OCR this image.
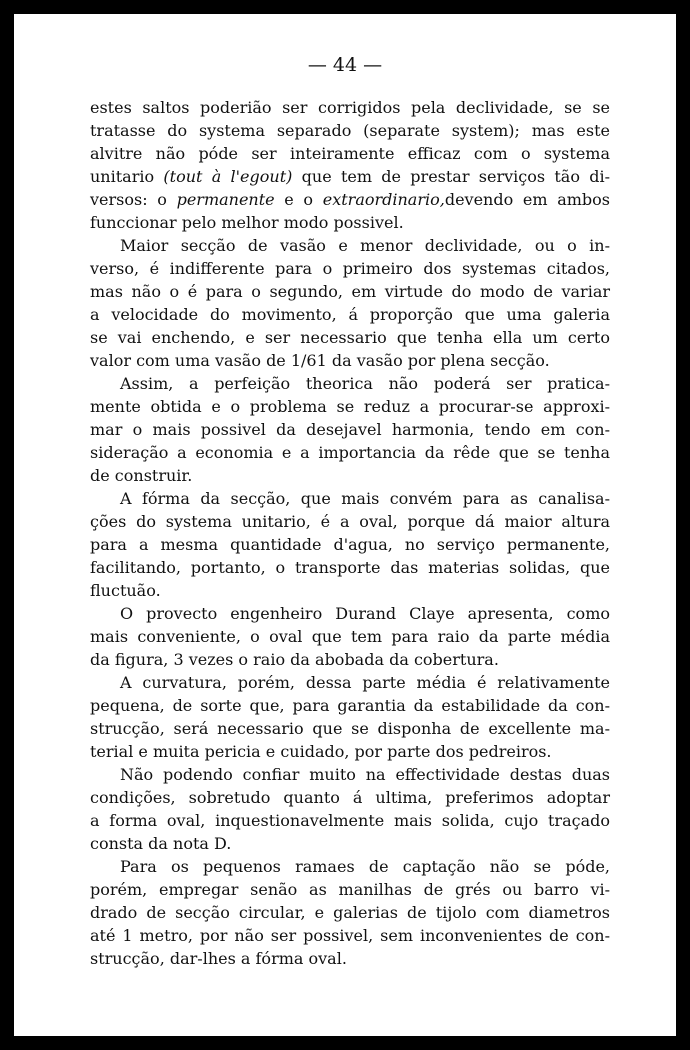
— 44 —
estes saltos poderião ser corrigidos pela declividade, se se
tratasse do systema separado (separate system); mas este
alvitre não póde ser inteiramente efficaz com o systema
unitario (tout à l'egout) que tem de prestar serviços tão di-
versos: o permanente e o extraordinario,devendo em ambos
funccionar pelo melhor modo possivel.
Maior secção de vasão e menor declividade, ou o in-
verso, é indifferente para o primeiro dos systemas citados,
mas não o é para o segundo, em virtude do modo de variar
a velocidade do movimento, á proporção que uma galeria
se vai enchendo, e ser necessario que tenha ella um certo
valor com uma vasão de 1/61 da vasão por plena secção.
Assim, a perfeição theorica não poderá ser pratica-
mente obtida e o problema se reduz a procurar-se approxi-
mar o mais possivel da desejavel harmonia, tendo em con-
sideração a economia e a importancia da rêde que se tenha
de construir.
A fórma da secção, que mais convém para as canalisa-
ções do systema unitario, é a oval, porque dá maior altura
para a mesma quantidade d'agua, no serviço permanente,
facilitando, portanto, o transporte das materias solidas, que
fluctuão.
O provecto engenheiro Durand Claye apresenta, como
mais conveniente, o oval que tem para raio da parte média
da figura, 3 vezes o raio da abobada da cobertura.
A curvatura, porém, dessa parte média é relativamente
pequena, de sorte que, para garantia da estabilidade da con-
strucção, será necessario que se disponha de excellente ma-
terial e muita pericia e cuidado, por parte dos pedreiros.
Não podendo confiar muito na effectividade destas duas
condições, sobretudo quanto á ultima, preferimos adoptar
a forma oval, inquestionavelmente mais solida, cujo traçado
consta da nota D.
Para os pequenos ramaes de captação não se póde,
porém, empregar senão as manilhas de grés ou barro vi-
drado de secção circular, e galerias de tijolo com diametros
até 1 metro, por não ser possivel, sem inconvenientes de con-
strucção, dar-lhes a fórma oval.
